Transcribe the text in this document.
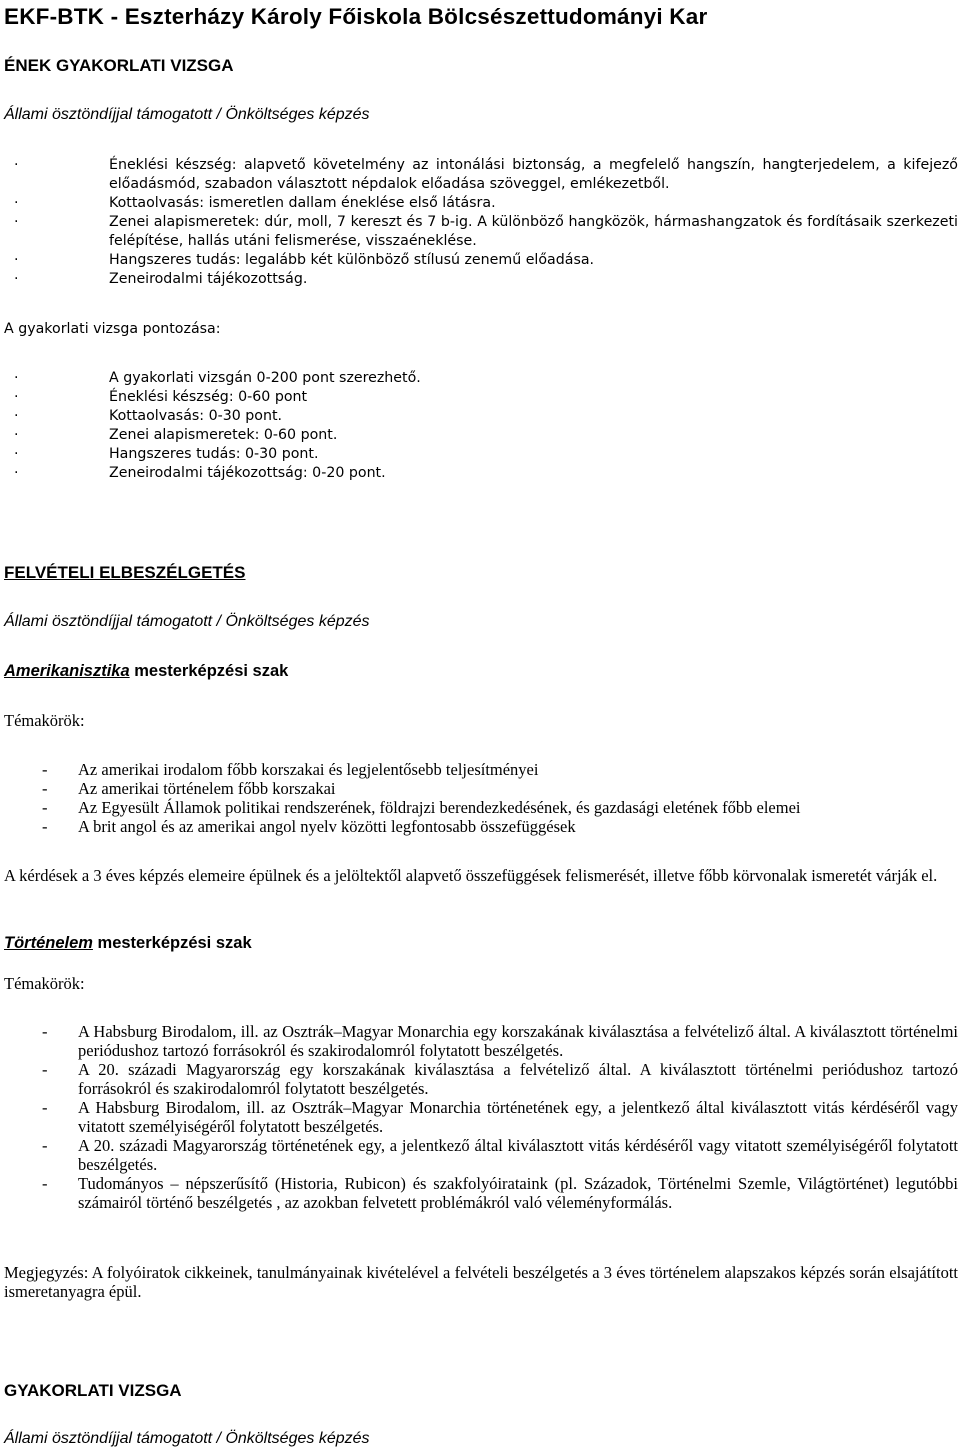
EKF-BTK - Eszterházy Károly Főiskola Bölcsészettudományi Kar
ÉNEK GYAKORLATI VIZSGA
Állami ösztöndíjjal támogatott / Önköltséges képzés
·	Éneklési készség: alapvető követelmény az intonálási biztonság, a megfelelő hangszín, hangterjedelem, a kifejező előadásmód, szabadon választott népdalok előadása szöveggel, emlékezetből.
·	Kottaolvasás: ismeretlen dallam éneklése első látásra.
·	Zenei alapismeretek: dúr, moll, 7 kereszt és 7 b-ig. A különböző hangközök, hármashangzatok és fordításaik szerkezeti felépítése, hallás utáni felismerése, visszaéneklése.
·	Hangszeres tudás: legalább két különböző stílusú zenemű előadása.
·	Zeneirodalmi tájékozottság.
A gyakorlati vizsga pontozása:
·	A gyakorlati vizsgán 0-200 pont szerezhető.
·	Éneklési készség: 0-60 pont
·	Kottaolvasás: 0-30 pont.
·	Zenei alapismeretek: 0-60 pont.
·	Hangszeres tudás: 0-30 pont.
·	Zeneirodalmi tájékozottság: 0-20 pont.
FELVÉTELI ELBESZÉLGETÉS
Állami ösztöndíjjal támogatott / Önköltséges képzés
Amerikanisztika mesterképzési szak
Témakörök:
- Az amerikai irodalom főbb korszakai és legjelentősebb teljesítményei
- Az amerikai történelem főbb korszakai
- Az Egyesült Államok politikai rendszerének, földrajzi berendezkedésének, és gazdasági eletének főbb elemei
- A brit angol és az amerikai angol nyelv közötti legfontosabb összefüggések
A kérdések a 3 éves képzés elemeire épülnek és a jelöltektől alapvető összefüggések felismerését, illetve főbb körvonalak ismeretét várják el.
Történelem mesterképzési szak
Témakörök:
- A Habsburg Birodalom, ill. az Osztrák–Magyar Monarchia egy korszakának kiválasztása a felvételiző által. A kiválasztott történelmi periódushoz tartozó forrásokról és szakirodalomról folytatott beszélgetés.
- A 20. századi Magyarország egy korszakának kiválasztása a felvételiző által. A kiválasztott történelmi periódushoz tartozó forrásokról és szakirodalomról folytatott beszélgetés.
- A Habsburg Birodalom, ill. az Osztrák–Magyar Monarchia történetének egy, a jelentkező által kiválasztott vitás kérdéséről vagy vitatott személyiségéről folytatott beszélgetés.
- A 20. századi Magyarország történetének egy, a jelentkező által kiválasztott vitás kérdéséről vagy vitatott személyiségéről folytatott beszélgetés.
- Tudományos – népszerűsítő (Historia, Rubicon) és szakfolyóirataink (pl. Századok, Történelmi Szemle, Világtörténet) legutóbbi számairól történő beszélgetés , az azokban felvetett problémákról való véleményformálás.
Megjegyzés: A folyóiratok cikkeinek, tanulmányainak kivételével a felvételi beszélgetés a 3 éves történelem alapszakos képzés során elsajátított ismeretanyagra épül.
GYAKORLATI VIZSGA
Állami ösztöndíjjal támogatott / Önköltséges képzés
